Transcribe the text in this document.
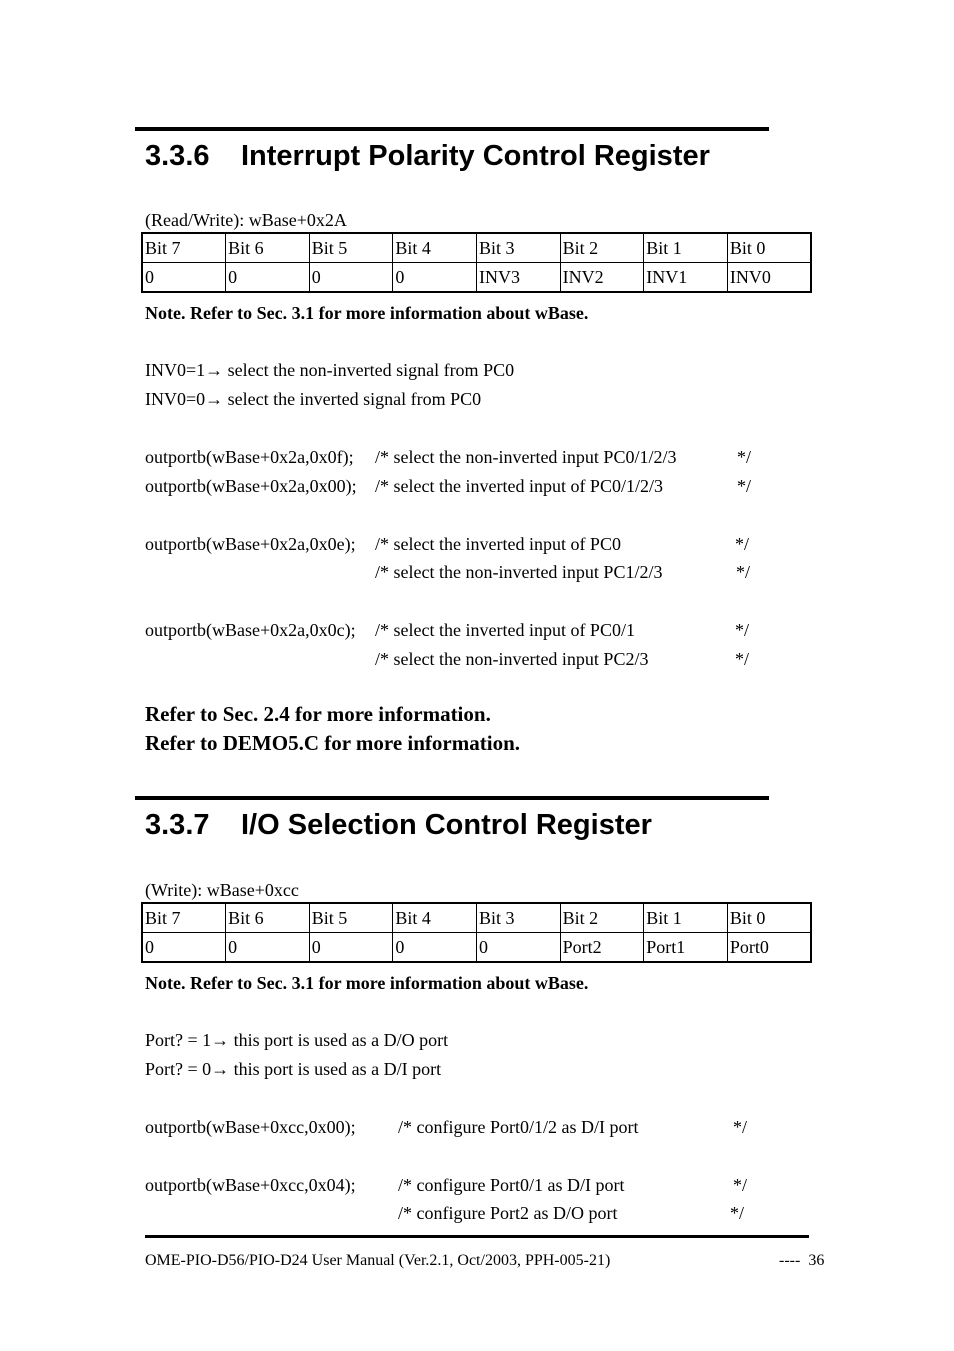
3.3.6 Interrupt Polarity Control Register
(Read/Write): wBase+0x2A
Bit 7	Bit 6	Bit 5	Bit 4	Bit 3	Bit 2	Bit 1	Bit 0
0	0	0	0	INV3	INV2	INV1	INV0
Note. Refer to Sec. 3.1 for more information about wBase.
INV0=1→ select the non-inverted signal from PC0
INV0=0→ select the inverted signal from PC0
outportb(wBase+0x2a,0x0f); /* select the non-inverted input PC0/1/2/3	*/
outportb(wBase+0x2a,0x00); /* select the inverted input of PC0/1/2/3	*/
outportb(wBase+0x2a,0x0e); /* select the inverted input of PC0	*/
/* select the non-inverted input PC1/2/3	*/
outportb(wBase+0x2a,0x0c); /* select the inverted input of PC0/1	*/
/* select the non-inverted input PC2/3	*/
Refer to Sec. 2.4 for more information.
Refer to DEMO5.C for more information.
3.3.7 I/O Selection Control Register
(Write): wBase+0xcc
Bit 7	Bit 6	Bit 5	Bit 4	Bit 3	Bit 2	Bit 1	Bit 0
0	0	0	0	0	Port2	Port1	Port0
Note. Refer to Sec. 3.1 for more information about wBase.
Port? = 1→ this port is used as a D/O port
Port? = 0→ this port is used as a D/I port
outportb(wBase+0xcc,0x00); /* configure Port0/1/2 as D/I port	*/
outportb(wBase+0xcc,0x04); /* configure Port0/1 as D/I port	*/
/* configure Port2 as D/O port	*/
OME-PIO-D56/PIO-D24 User Manual (Ver.2.1, Oct/2003, PPH-005-21)	----  36
